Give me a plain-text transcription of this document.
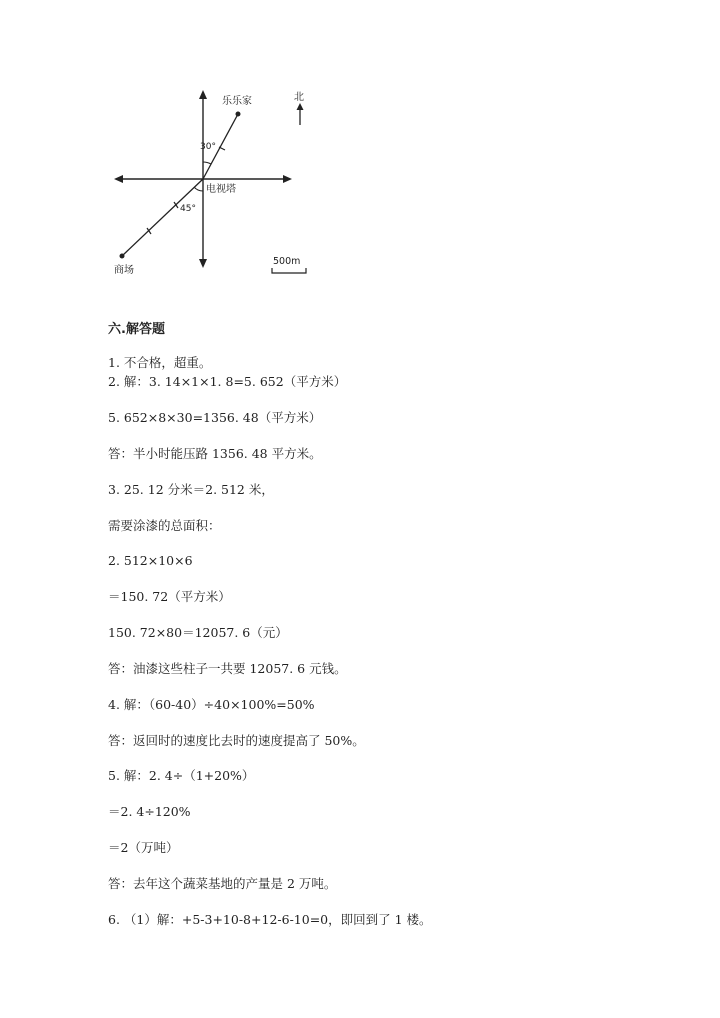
乐乐家
30°
电视塔
45°
商场
北
500m
六.解答题
1. 不合格，超重。
2. 解：3. 14×1×1. 8=5. 652（平方米）
5. 652×8×30=1356. 48（平方米）
答：半小时能压路 1356. 48 平方米。
3. 25. 12 分米＝2. 512 米，
需要涂漆的总面积：
2. 512×10×6
＝150. 72（平方米）
150. 72×80＝12057. 6（元）
答：油漆这些柱子一共要 12057. 6 元钱。
4. 解：（60-40）÷40×100%=50%
答：返回时的速度比去时的速度提高了 50%。
5. 解：2. 4÷（1+20%）
＝2. 4÷120%
＝2（万吨）
答：去年这个蔬菜基地的产量是 2 万吨。
6. （1）解：+5-3+10-8+12-6-10=0，即回到了 1 楼。
